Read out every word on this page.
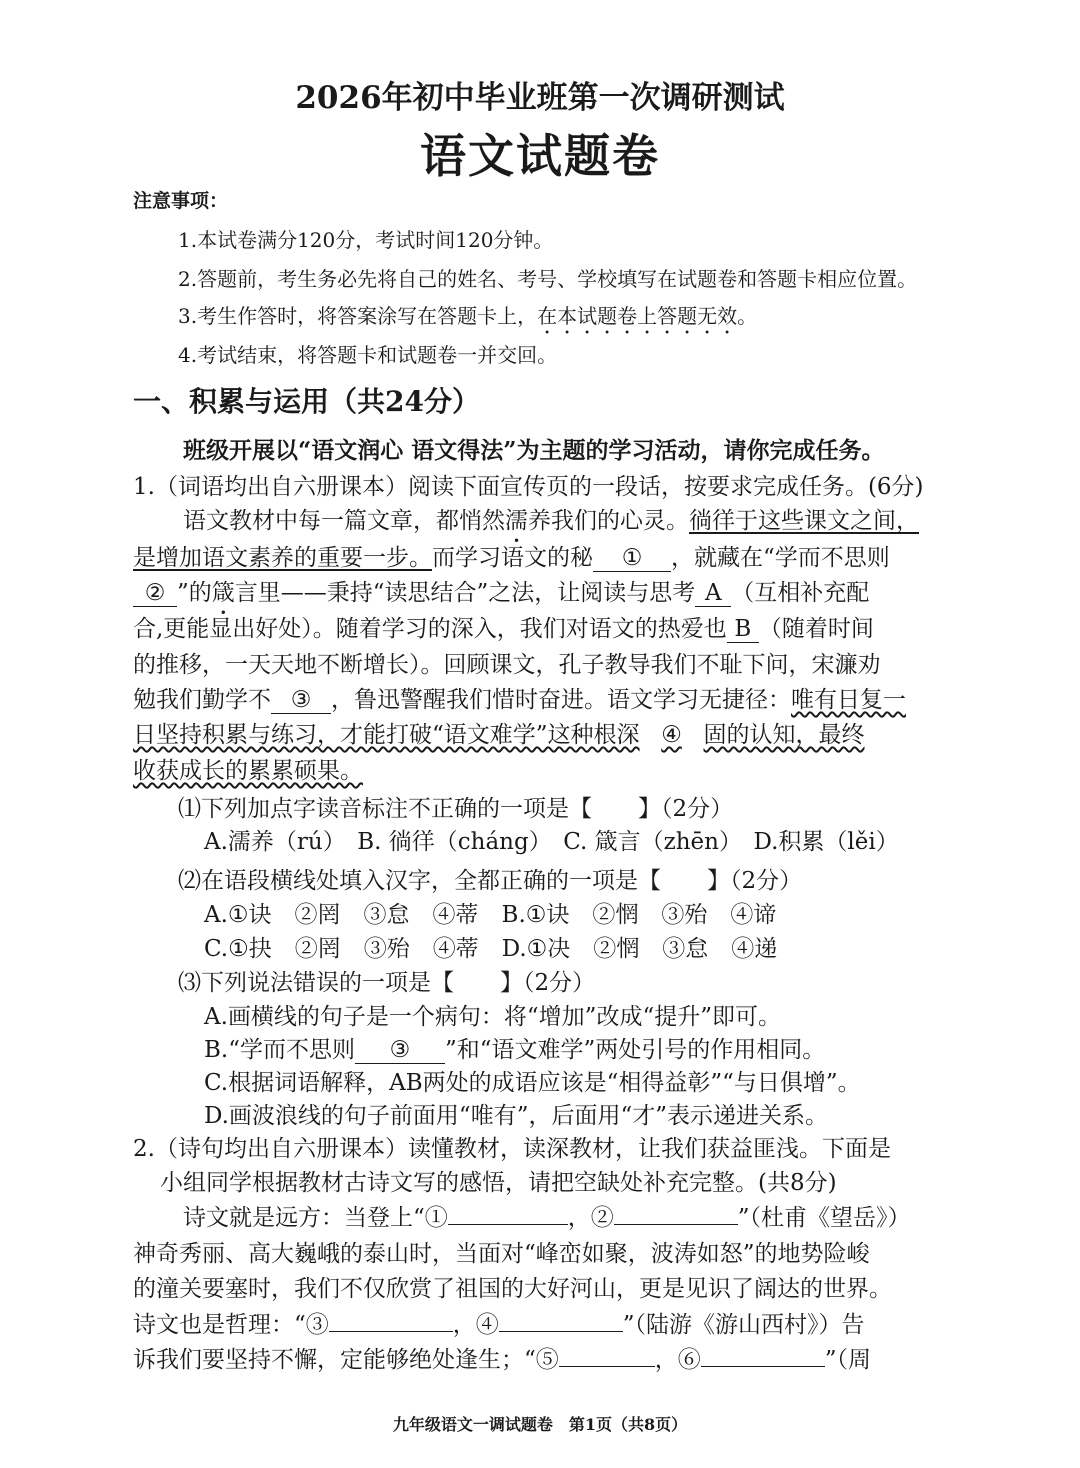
2026年初中毕业班第一次调研测试
语文试题卷
注意事项：
1.本试卷满分120分，考试时间120分钟。
2.答题前，考生务必先将自己的姓名、考号、学校填写在试题卷和答题卡相应位置。
3.考生作答时，将答案涂写在答题卡上，在本试题卷上答题无效。
4.考试结束，将答题卡和试题卷一并交回。
一、积累与运用（共24分）
班级开展以“语文润心 语文得法”为主题的学习活动，请你完成任务。
1.（词语均出自六册课本）阅读下面宣传页的一段话，按要求完成任务。(6分)
语文教材中每一篇文章，都悄然濡养我们的心灵。徜徉于这些课文之间，
是增加语文素养的重要一步。而学习语文的秘 ① ，就藏在“学而不思则
② ”的箴言里——秉持“读思结合”之法，让阅读与思考 A （互相补充配
合,更能显出好处）。随着学习的深入，我们对语文的热爱也 B （随着时间
的推移，一天天地不断增长）。回顾课文，孔子教导我们不耻下问，宋濂劝
勉我们勤学不 ③ ，鲁迅警醒我们惜时奋进。语文学习无捷径：唯有日复一
日坚持积累与练习，才能打破“语文难学”这种根深 ④ 固的认知，最终
收获成长的累累硕果。
⑴下列加点字读音标注不正确的一项是【　　】（2分）
A.濡养（rú）　B. 徜徉（cháng）　C. 箴言（zhēn）　D.积累（lěi）
⑵在语段横线处填入汉字，全都正确的一项是【　　】（2分）
A.①诀　②罔　③怠　④蒂　B.①诀　②惘　③殆　④谛
C.①抉　②罔　③殆　④蒂　D.①决　②惘　③怠　④递
⑶下列说法错误的一项是【　　】（2分）
A.画横线的句子是一个病句：将“增加”改成“提升”即可。
B.“学而不思则 ③ ”和“语文难学”两处引号的作用相同。
C.根据词语解释，AB两处的成语应该是“相得益彰”“与日俱增”。
D.画波浪线的句子前面用“唯有”，后面用“才”表示递进关系。
2.（诗句均出自六册课本）读懂教材，读深教材，让我们获益匪浅。下面是
小组同学根据教材古诗文写的感悟，请把空缺处补充完整。(共8分)
诗文就是远方：当登上“①	，②	”（杜甫《望岳》）
神奇秀丽、高大巍峨的泰山时，当面对“峰峦如聚，波涛如怒”的地势险峻
的潼关要塞时，我们不仅欣赏了祖国的大好河山，更是见识了阔达的世界。
诗文也是哲理：“③	，④	”（陆游《游山西村》）告
诉我们要坚持不懈，定能够绝处逢生；“⑤	，⑥	”（周
九年级语文一调试题卷　第1页（共8页）
